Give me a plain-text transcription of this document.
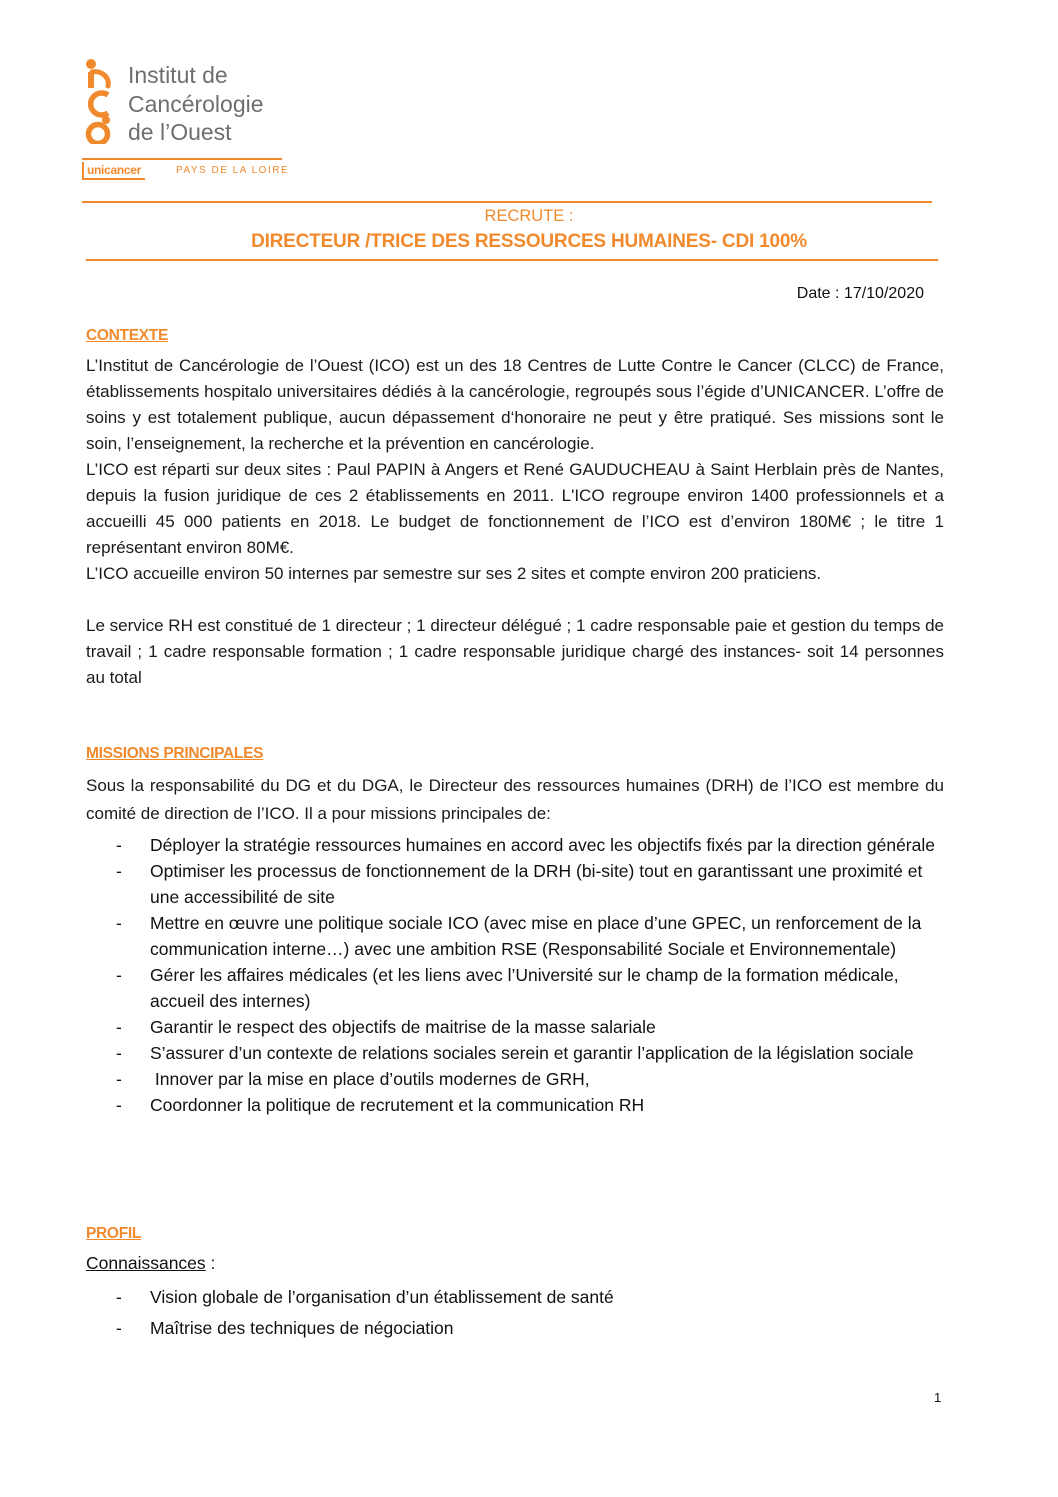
Institut de
Cancérologie
de l’Ouest
unicancer	PAYS DE LA LOIRE
RECRUTE :
DIRECTEUR /TRICE DES RESSOURCES HUMAINES- CDI 100%
Date : 17/10/2020
CONTEXTE

L’Institut de Cancérologie de l’Ouest (ICO) est un des 18 Centres de Lutte Contre le Cancer (CLCC) de France, établissements hospitalo universitaires dédiés à la cancérologie, regroupés sous l’égide d’UNICANCER. L’offre de soins y est totalement publique, aucun dépassement d‘honoraire ne peut y être pratiqué. Ses missions sont le soin, l’enseignement, la recherche et la prévention en cancérologie.

L’ICO est réparti sur deux sites : Paul PAPIN à Angers et René GAUDUCHEAU à Saint Herblain près de Nantes, depuis la fusion juridique de ces 2 établissements en 2011. L'ICO regroupe environ 1400 professionnels et a accueilli 45 000 patients en 2018. Le budget de fonctionnement de l’ICO est d’environ 180M€ ; le titre 1 représentant environ 80M€.

L’ICO accueille environ 50 internes par semestre sur ses 2 sites et compte environ 200 praticiens.

Le service RH est constitué de 1 directeur ; 1 directeur délégué ; 1 cadre responsable paie et gestion du temps de travail ; 1 cadre responsable formation ; 1 cadre responsable juridique chargé des instances- soit 14 personnes au total

MISSIONS PRINCIPALES

Sous la responsabilité du DG et du DGA, le Directeur des ressources humaines (DRH) de l’ICO est membre du comité de direction de l’ICO. Il a pour missions principales de:

- Déployer la stratégie ressources humaines en accord avec les objectifs fixés par la direction générale
- Optimiser les processus de fonctionnement de la DRH (bi-site) tout en garantissant une proximité et une accessibilité de site
- Mettre en œuvre une politique sociale ICO (avec mise en place d’une GPEC, un renforcement de la communication interne…) avec une ambition RSE (Responsabilité Sociale et Environnementale)
- Gérer les affaires médicales (et les liens avec l’Université sur le champ de la formation médicale, accueil des internes)
- Garantir le respect des objectifs de maitrise de la masse salariale
- S’assurer d’un contexte de relations sociales serein et garantir l’application de la législation sociale
- Innover par la mise en place d’outils modernes de GRH,
- Coordonner la politique de recrutement et la communication RH
PROFIL
Connaissances :
- Vision globale de l’organisation d’un établissement de santé
- Maîtrise des techniques de négociation
1
